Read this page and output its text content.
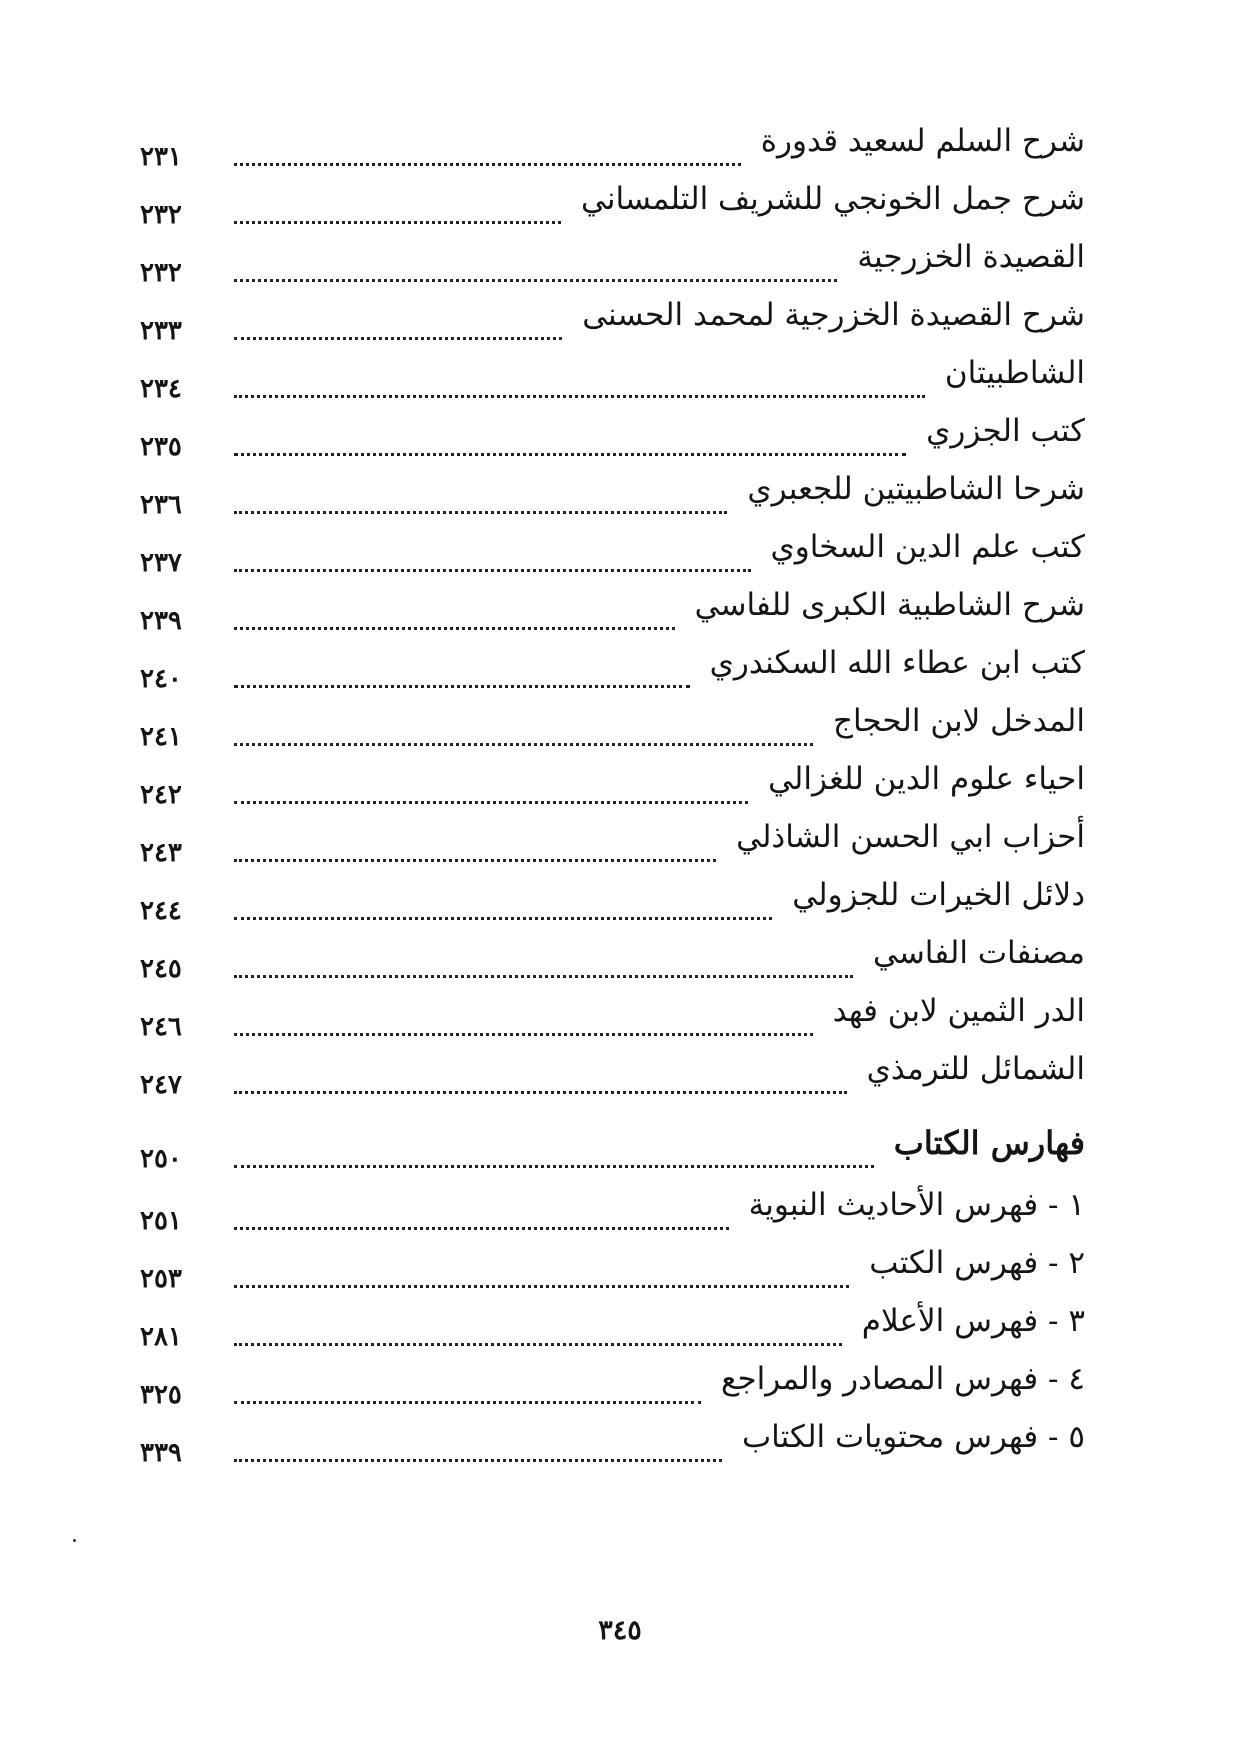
شرح السلم لسعيد قدورة
٢٣١
شرح جمل الخونجي للشريف التلمساني
٢٣٢
القصيدة الخزرجية
٢٣٢
شرح القصيدة الخزرجية لمحمد الحسنى
٢٣٣
الشاطبيتان
٢٣٤
كتب الجزري
٢٣٥
شرحا الشاطبيتين للجعبري
٢٣٦
كتب علم الدين السخاوي
٢٣٧
شرح الشاطبية الكبرى للفاسي
٢٣٩
كتب ابن عطاء الله السكندري
٢٤٠
المدخل لابن الحجاج
٢٤١
احياء علوم الدين للغزالي
٢٤٢
أحزاب ابي الحسن الشاذلي
٢٤٣
دلائل الخيرات للجزولي
٢٤٤
مصنفات الفاسي
٢٤٥
الدر الثمين لابن فهد
٢٤٦
الشمائل للترمذي
٢٤٧
فهارس الكتاب
٢٥٠
١ - فهرس الأحاديث النبوية
٢٥١
٢ - فهرس الكتب
٢٥٣
٣ - فهرس الأعلام
٢٨١
٤ - فهرس المصادر والمراجع
٣٢٥
٥ - فهرس محتويات الكتاب
٣٣٩
٣٤٥
